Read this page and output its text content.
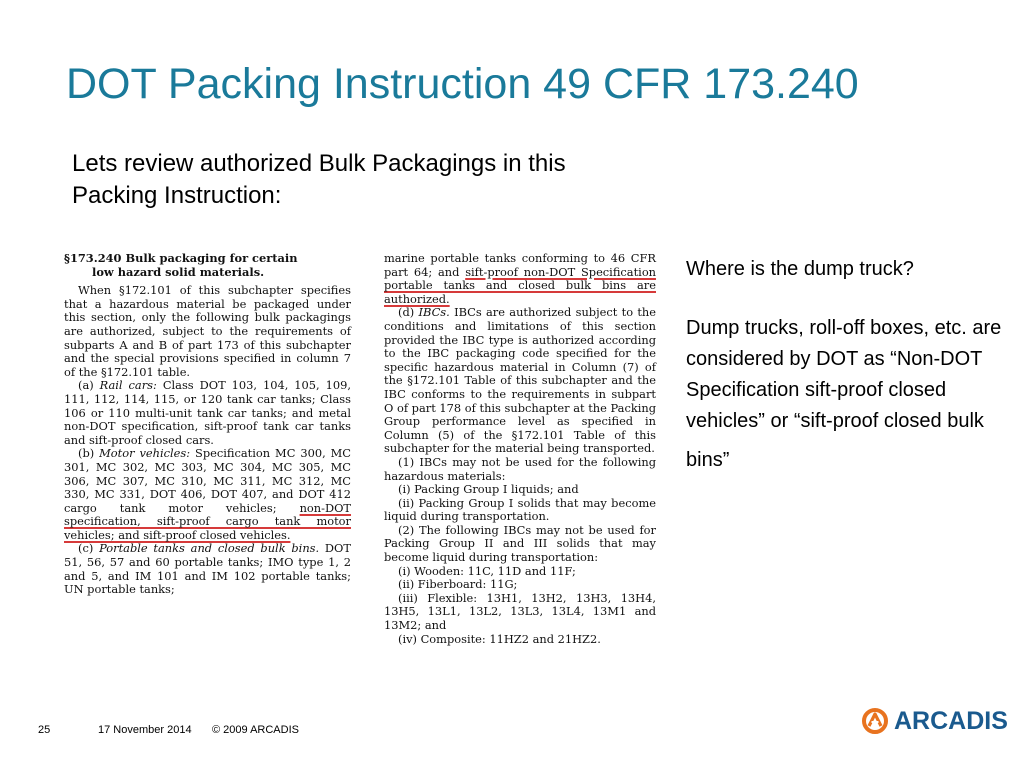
DOT Packing Instruction 49 CFR 173.240
Lets review authorized Bulk Packagings in this
Packing Instruction:

§173.240 Bulk packaging for certain
low hazard solid materials.

When §172.101 of this subchapter specifies that a hazardous material be packaged under this section, only the following bulk packagings are authorized, subject to the requirements of subparts A and B of part 173 of this subchapter and the special provisions specified in column 7 of the §172.101 table.

(a) Rail cars: Class DOT 103, 104, 105, 109, 111, 112, 114, 115, or 120 tank car tanks; Class 106 or 110 multi-unit tank car tanks; and metal non-DOT specification, sift-proof tank car tanks and sift-proof closed cars.

(b) Motor vehicles: Specification MC 300, MC 301, MC 302, MC 303, MC 304, MC 305, MC 306, MC 307, MC 310, MC 311, MC 312, MC 330, MC 331, DOT 406, DOT 407, and DOT 412 cargo tank motor vehicles; non-DOT specification, sift-proof cargo tank motor vehicles; and sift-proof closed vehicles.

(c) Portable tanks and closed bulk bins. DOT 51, 56, 57 and 60 portable tanks; IMO type 1, 2 and 5, and IM 101 and IM 102 portable tanks; UN portable tanks;

marine portable tanks conforming to 46 CFR part 64; and sift-proof non-DOT Specification portable tanks and closed bulk bins are authorized.

(d) IBCs. IBCs are authorized subject to the conditions and limitations of this section provided the IBC type is authorized according to the IBC packaging code specified for the specific hazardous material in Column (7) of the §172.101 Table of this subchapter and the IBC conforms to the requirements in subpart O of part 178 of this subchapter at the Packing Group performance level as specified in Column (5) of the §172.101 Table of this subchapter for the material being transported.

(1) IBCs may not be used for the following hazardous materials:

(i) Packing Group I liquids; and

(ii) Packing Group I solids that may become liquid during transportation.

(2) The following IBCs may not be used for Packing Group II and III solids that may become liquid during transportation:

(i) Wooden: 11C, 11D and 11F;

(ii) Fiberboard: 11G;

(iii) Flexible: 13H1, 13H2, 13H3, 13H4, 13H5, 13L1, 13L2, 13L3, 13L4, 13M1 and 13M2; and

(iv) Composite: 11HZ2 and 21HZ2.

Where is the dump truck?
Dump trucks, roll-off boxes, etc. are considered by DOT as “Non-DOT Specification sift-proof closed vehicles” or “sift-proof closed bulk
bins”
25	17 November 2014 © 2009 ARCADIS	ARCADIS
